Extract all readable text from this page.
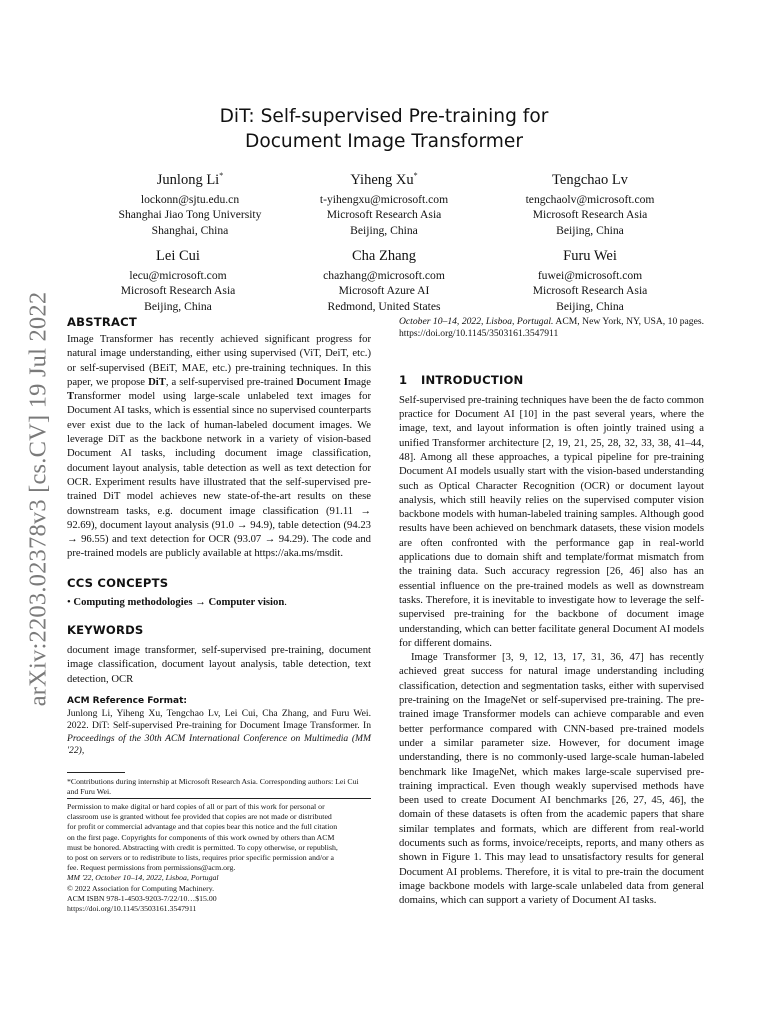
arXiv:2203.02378v3 [cs.CV] 19 Jul 2022
DiT: Self-supervised Pre-training for
Document Image Transformer
Junlong Li*
lockonn@sjtu.edu.cn
Shanghai Jiao Tong University
Shanghai, China
Yiheng Xu*
t-yihengxu@microsoft.com
Microsoft Research Asia
Beijing, China
Tengchao Lv
tengchaolv@microsoft.com
Microsoft Research Asia
Beijing, China
Lei Cui
lecu@microsoft.com
Microsoft Research Asia
Beijing, China
Cha Zhang
chazhang@microsoft.com
Microsoft Azure AI
Redmond, United States
Furu Wei
fuwei@microsoft.com
Microsoft Research Asia
Beijing, China
ABSTRACT

Image Transformer has recently achieved significant progress for natural image understanding, either using supervised (ViT, DeiT, etc.) or self-supervised (BEiT, MAE, etc.) pre-training techniques. In this paper, we propose DiT, a self-supervised pre-trained Document Image Transformer model using large-scale unlabeled text images for Document AI tasks, which is essential since no supervised counterparts ever exist due to the lack of human-labeled document images. We leverage DiT as the backbone network in a variety of vision-based Document AI tasks, including document image classification, document layout analysis, table detection as well as text detection for OCR. Experiment results have illustrated that the self-supervised pre-trained DiT model achieves new state-of-the-art results on these downstream tasks, e.g. document image classification (91.11 → 92.69), document layout analysis (91.0 → 94.9), table detection (94.23 → 96.55) and text detection for OCR (93.07 → 94.29). The code and pre-trained models are publicly available at https://aka.ms/msdit.

CCS CONCEPTS

• Computing methodologies → Computer vision.

KEYWORDS

document image transformer, self-supervised pre-training, document image classification, document layout analysis, table detection, text detection, OCR

ACM Reference Format:

Junlong Li, Yiheng Xu, Tengchao Lv, Lei Cui, Cha Zhang, and Furu Wei. 2022. DiT: Self-supervised Pre-training for Document Image Transformer. In Proceedings of the 30th ACM International Conference on Multimedia (MM '22),

*Contributions during internship at Microsoft Research Asia. Corresponding authors: Lei Cui and Furu Wei.

Permission to make digital or hard copies of all or part of this work for personal or
classroom use is granted without fee provided that copies are not made or distributed
for profit or commercial advantage and that copies bear this notice and the full citation
on the first page. Copyrights for components of this work owned by others than ACM
must be honored. Abstracting with credit is permitted. To copy otherwise, or republish,
to post on servers or to redistribute to lists, requires prior specific permission and/or a
fee. Request permissions from permissions@acm.org.

MM '22, October 10–14, 2022, Lisboa, Portugal

© 2022 Association for Computing Machinery.

ACM ISBN 978-1-4503-9203-7/22/10…$15.00

https://doi.org/10.1145/3503161.3547911

October 10–14, 2022, Lisboa, Portugal. ACM, New York, NY, USA, 10 pages. https://doi.org/10.1145/3503161.3547911

1 INTRODUCTION

Self-supervised pre-training techniques have been the de facto common practice for Document AI [10] in the past several years, where the image, text, and layout information is often jointly trained using a unified Transformer architecture [2, 19, 21, 25, 28, 32, 33, 38, 41–44, 48]. Among all these approaches, a typical pipeline for pre-training Document AI models usually start with the vision-based understanding such as Optical Character Recognition (OCR) or document layout analysis, which still heavily relies on the supervised computer vision backbone models with human-labeled training samples. Although good results have been achieved on benchmark datasets, these vision models are often confronted with the performance gap in real-world applications due to domain shift and template/format mismatch from the training data. Such accuracy regression [26, 46] also has an essential influence on the pre-trained models as well as downstream tasks. Therefore, it is inevitable to investigate how to leverage the self-supervised pre-training for the backbone of document image understanding, which can better facilitate general Document AI models for different domains.

Image Transformer [3, 9, 12, 13, 17, 31, 36, 47] has recently achieved great success for natural image understanding including classification, detection and segmentation tasks, either with supervised pre-training on the ImageNet or self-supervised pre-training. The pre-trained image Transformer models can achieve comparable and even better performance compared with CNN-based pre-trained models under a similar parameter size. However, for document image understanding, there is no commonly-used large-scale human-labeled benchmark like ImageNet, which makes large-scale supervised pre-training impractical. Even though weakly supervised methods have been used to create Document AI benchmarks [26, 27, 45, 46], the domain of these datasets is often from the academic papers that share similar templates and formats, which are different from real-world documents such as forms, invoice/receipts, reports, and many others as shown in Figure 1. This may lead to unsatisfactory results for general Document AI problems. Therefore, it is vital to pre-train the document image backbone models with large-scale unlabeled data from general domains, which can support a variety of Document AI tasks.
